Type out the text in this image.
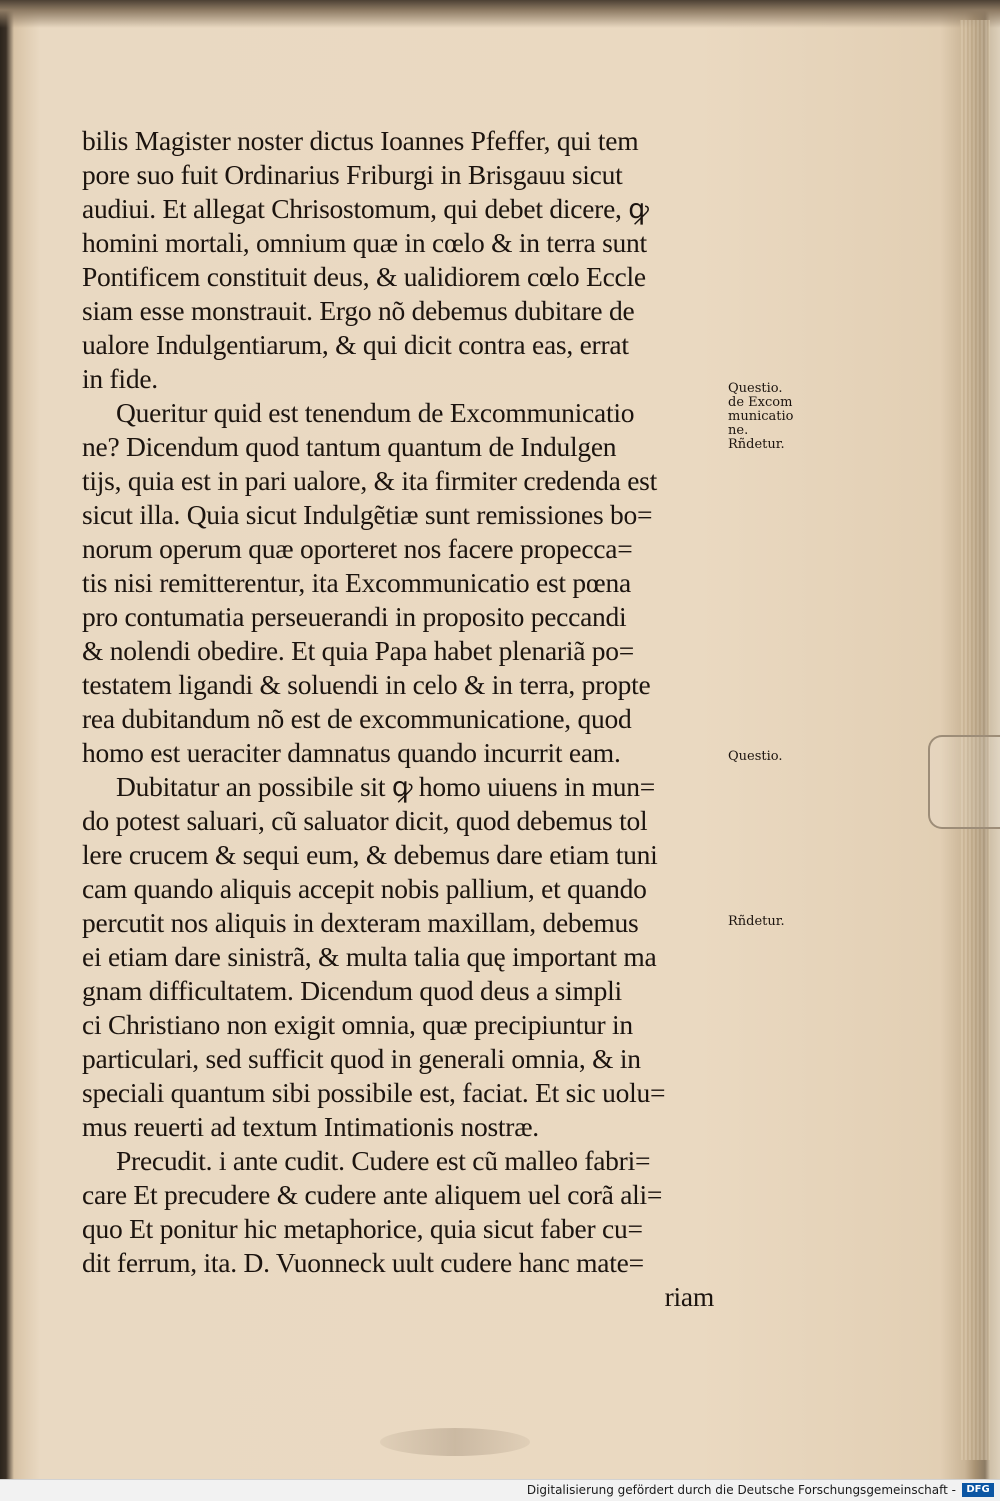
bilis Magister noster dictus Ioannes Pfeffer, qui tem
pore suo fuit Ordinarius Friburgi in Brisgauu sicut
audiui. Et allegat Chrisostomum, qui debet dicere, ꝙ
homini mortali, omnium quæ in cœlo & in terra sunt
Pontificem constituit deus, & ualidiorem cœlo Eccle
siam esse monstrauit. Ergo nõ debemus dubitare de
ualore Indulgentiarum, & qui dicit contra eas, errat
in fide.
Queritur quid est tenendum de Excommunicatio
ne? Dicendum quod tantum quantum de Indulgen
tijs, quia est in pari ualore, & ita firmiter credenda est
sicut illa. Quia sicut Indulgẽtiæ sunt remissiones bo=
norum operum quæ oporteret nos facere propecca=
tis nisi remitterentur, ita Excommunicatio est pœna
pro contumatia perseuerandi in proposito peccandi
& nolendi obedire. Et quia Papa habet plenariã po=
testatem ligandi & soluendi in celo & in terra, propte
rea dubitandum nõ est de excommunicatione, quod
homo est ueraciter damnatus quando incurrit eam.
Dubitatur an possibile sit ꝙ homo uiuens in mun=
do potest saluari, cũ saluator dicit, quod debemus tol
lere crucem & sequi eum, & debemus dare etiam tuni
cam quando aliquis accepit nobis pallium, et quando
percutit nos aliquis in dexteram maxillam, debemus
ei etiam dare sinistrã, & multa talia quę important ma
gnam difficultatem. Dicendum quod deus a simpli
ci Christiano non exigit omnia, quæ precipiuntur in
particulari, sed sufficit quod in generali omnia, & in
speciali quantum sibi possibile est, faciat. Et sic uolu=
mus reuerti ad textum Intimationis nostræ.
Precudit. i ante cudit. Cudere est cũ malleo fabri=
care Et precudere & cudere ante aliquem uel corã ali=
quo Et ponitur hic metaphorice, quia sicut faber cu=
dit ferrum, ita. D. Vuonneck uult cudere hanc mate=
riam
Questio.
de Excom
municatio
ne.
Rñdetur.
Questio.
Rñdetur.
Digitalisierung gefördert durch die Deutsche Forschungsgemeinschaft -	DFG
